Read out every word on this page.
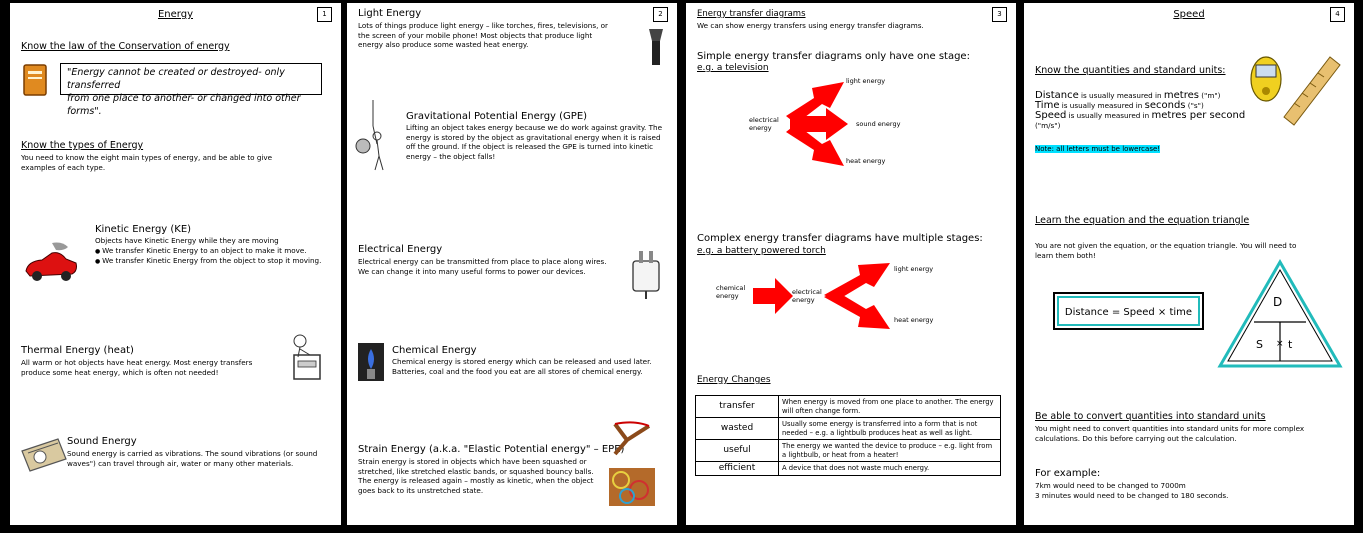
1
Energy
Know the law of the Conservation of energy
"Energy cannot be created or destroyed- only transferred
from one place to another- or changed into other forms".
Know the types of Energy
You need to know the eight main types of energy, and be able to give
examples of each type.
Kinetic Energy (KE)
Objects have Kinetic Energy while they are moving
● We transfer Kinetic Energy to an object to make it move.
● We transfer Kinetic Energy from the object to stop it moving.
Thermal Energy (heat)
All warm or hot objects have heat energy. Most energy transfers
produce some heat energy, which is often not needed!
Sound Energy
Sound energy is carried as vibrations. The sound vibrations (or sound
waves") can travel through air, water or many other materials.
2
Light Energy
Lots of things produce light energy – like torches, fires, televisions, or
the screen of your mobile phone! Most objects that produce light
energy also produce some wasted heat energy.
Gravitational Potential Energy (GPE)
Lifting an object takes energy because we do work against gravity. The
energy is stored by the object as gravitational energy when it is raised
off the ground. If the object is released the GPE is turned into kinetic
energy – the object falls!
Electrical Energy
Electrical energy can be transmitted from place to place along wires.
We can change it into many useful forms to power our devices.
Chemical Energy
Chemical energy is stored energy which can be released and used later.
Batteries, coal and the food you eat are all stores of chemical energy.
Strain Energy (a.k.a. "Elastic Potential energy" – EPE)
Strain energy is stored in objects which have been squashed or
stretched, like stretched elastic bands, or squashed bouncy balls.
The energy is released again – mostly as kinetic, when the object
goes back to its unstretched state.
3
Energy transfer diagrams
We can show energy transfers using energy transfer diagrams.
Simple energy transfer diagrams only have one stage:
e.g. a television
electrical energy
light energy
sound energy
heat energy
Complex energy transfer diagrams have multiple stages:
e.g. a battery powered torch
chemical energy	electrical energy
light energy
heat energy
Energy Changes
transfer	When energy is moved from one place to another. The energy will often change form.
wasted	Usually some energy is transferred into a form that is not needed – e.g. a lightbulb produces heat as well as light.
useful	The energy we wanted the device to produce – e.g. light from a lightbulb, or heat from a heater!
efficient	A device that does not waste much energy.
4
Speed
Know the quantities and standard units:
Distance is usually measured in metres ("m")
Time is usually measured in seconds ("s")
Speed is usually measured in metres per second ("m/s")
Note: all letters must be lowercase!
Learn the equation and the equation triangle
You are not given the equation, or the equation triangle. You will need to
learn them both!
Distance = Speed × time
D
S × t
Be able to convert quantities into standard units
You might need to convert quantities into standard units for more complex
calculations. Do this before carrying out the calculation.
For example:
7km would need to be changed to 7000m
3 minutes would need to be changed to 180 seconds.
